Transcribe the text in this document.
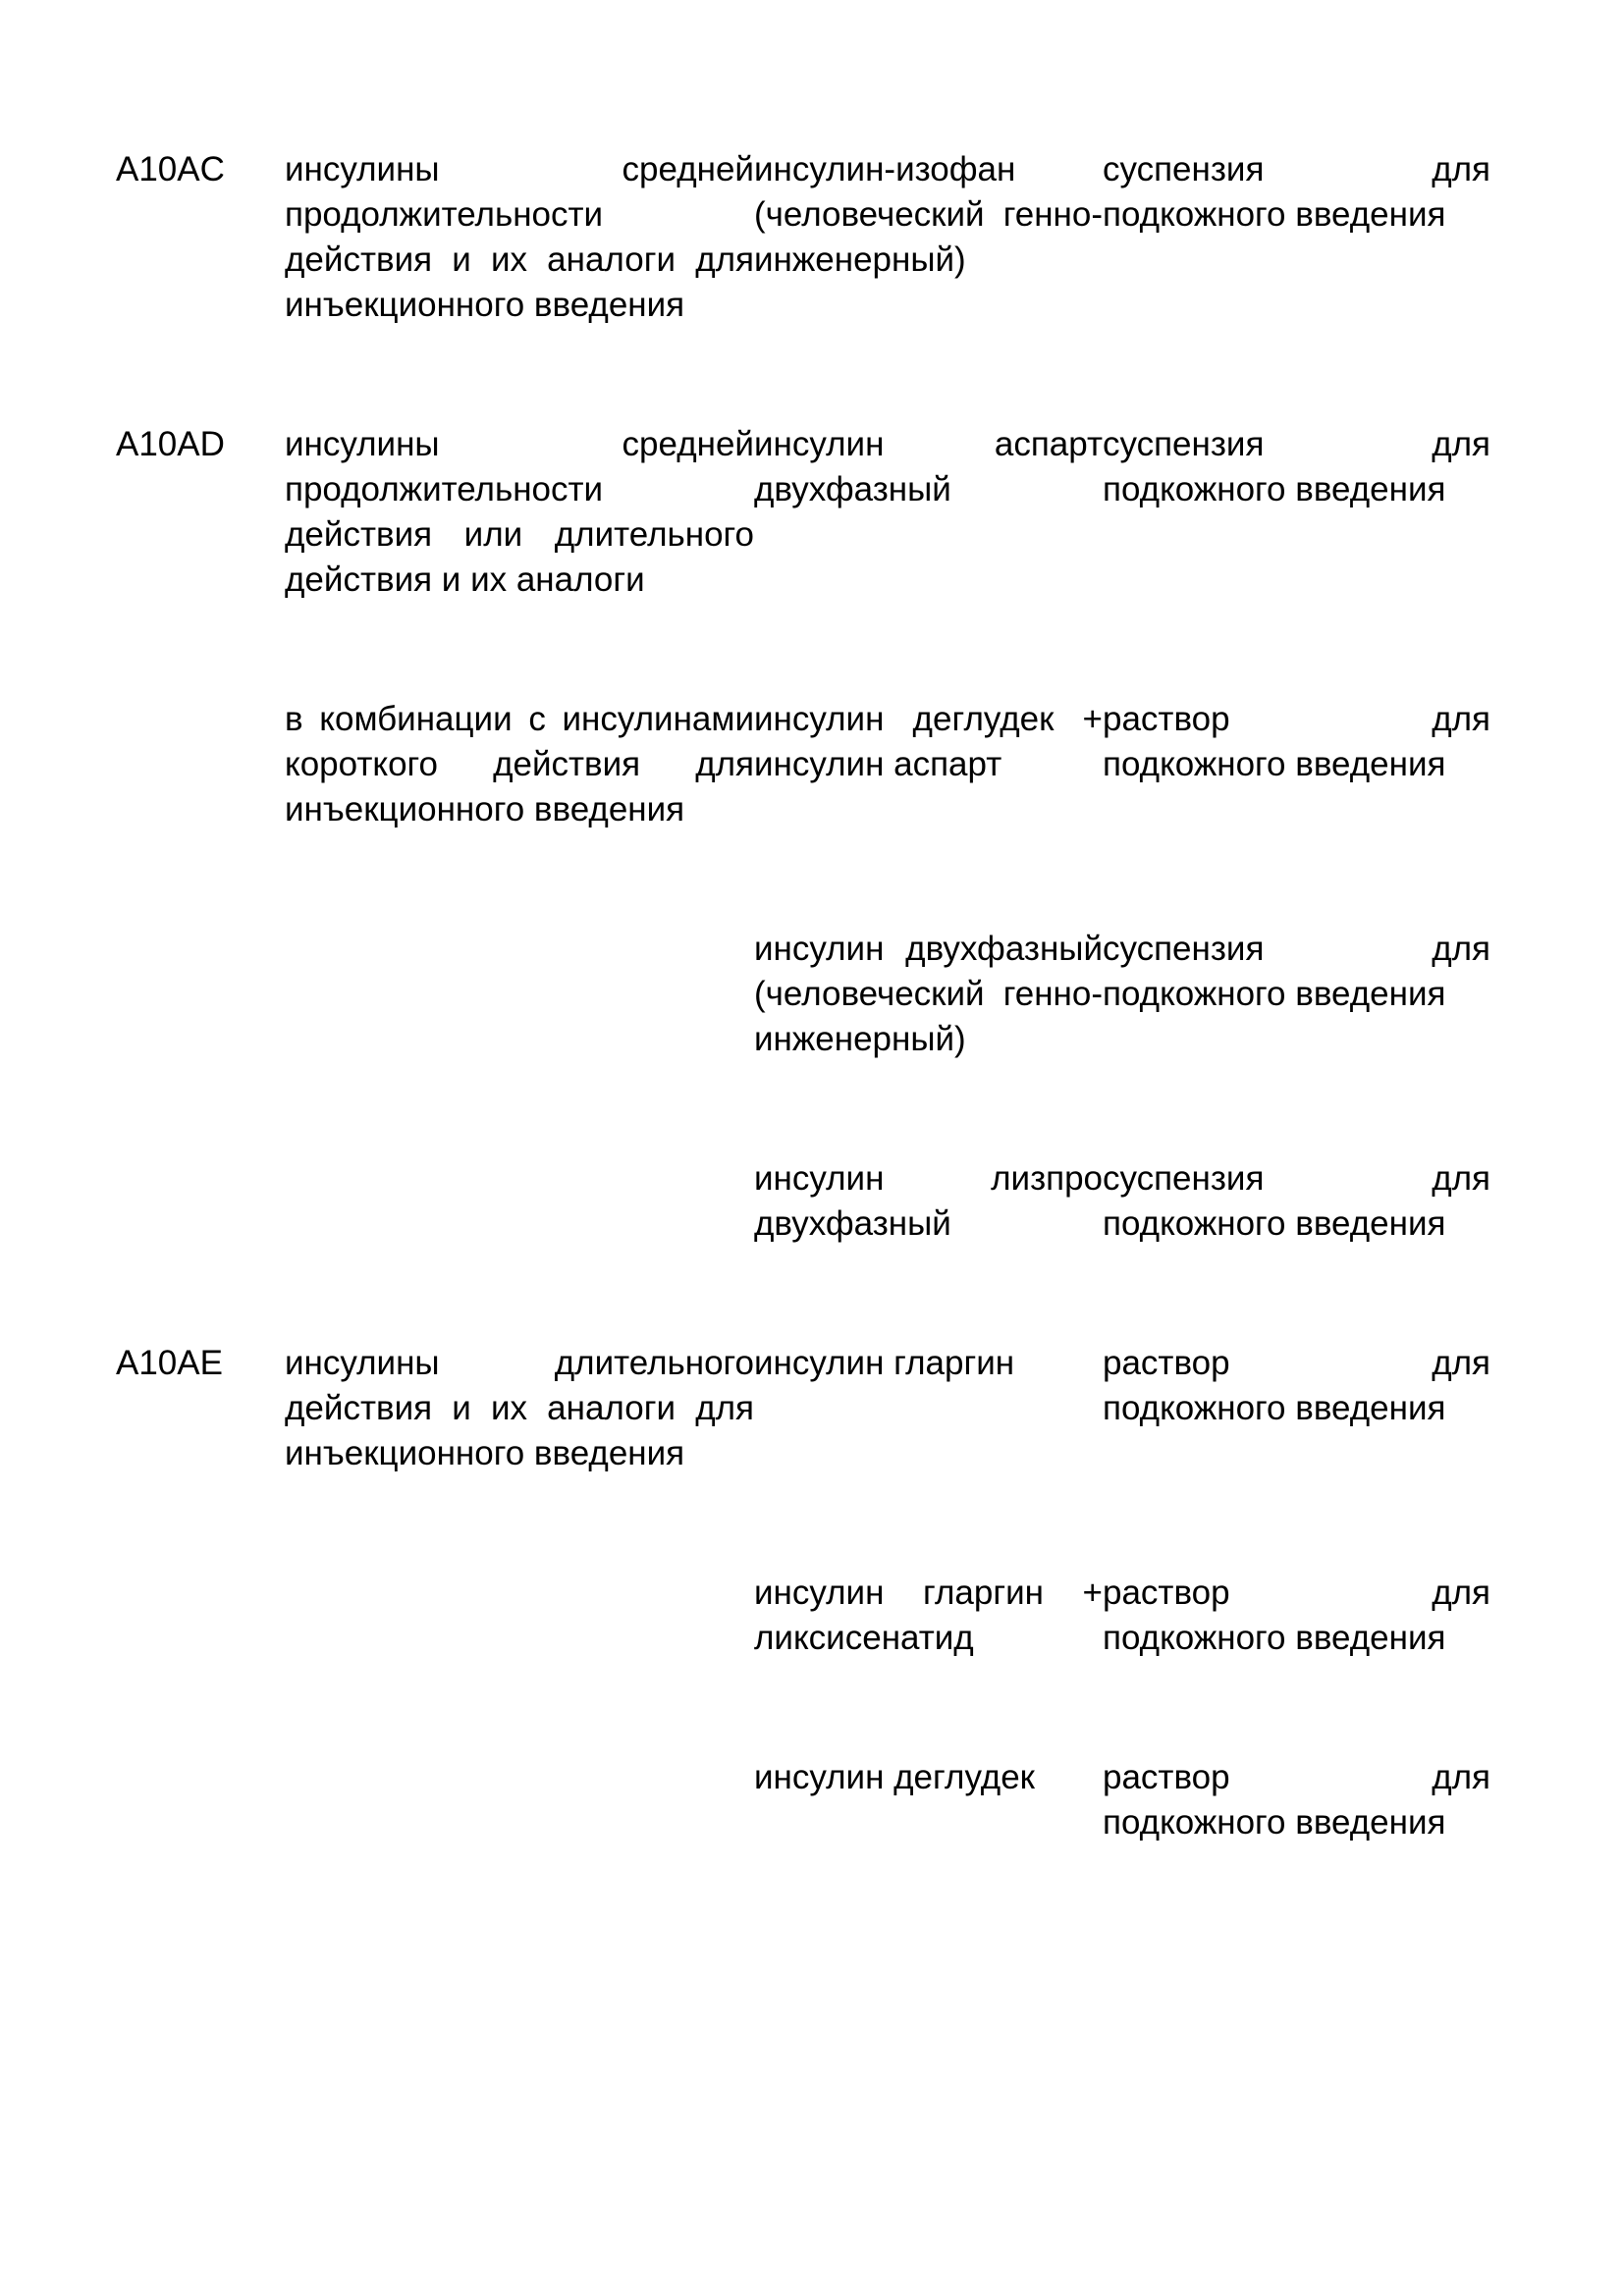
A10AC	инсулины средней продолжительности действия и их аналоги для инъекционного введения	инсулин-изофан (человеческий генно-инженерный)	суспензия для подкожного введения
A10AD	инсулины средней продолжительности действия или длительного действия и их аналоги	инсулин аспарт двухфазный	суспензия для подкожного введения
	в комбинации с инсулинами короткого действия для инъекционного введения	инсулин деглудек + инсулин аспарт	раствор для подкожного введения
		инсулин двухфазный (человеческий генно-инженерный)	суспензия для подкожного введения
		инсулин лизпро двухфазный	суспензия для подкожного введения
A10AE	инсулины длительного действия и их аналоги для инъекционного введения	инсулин гларгин	раствор для подкожного введения
		инсулин гларгин + ликсисенатид	раствор для подкожного введения
		инсулин деглудек	раствор для подкожного введения
